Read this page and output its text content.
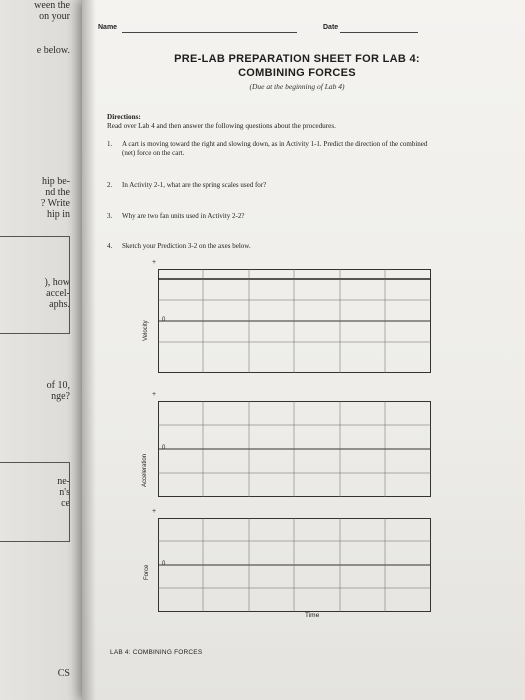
ween the
on your
e below.
hip be-
nd the
? Write
hip in
), how
accel-
aphs.
of 10,
nge?
ne-
n's
ce
CS
Name	Date
PRE-LAB PREPARATION SHEET FOR LAB 4:
COMBINING FORCES
(Due at the beginning of Lab 4)
Directions:
Read over Lab 4 and then answer the following questions about the procedures.
1. A cart is moving toward the right and slowing down, as in Activity 1-1. Predict the direction of the combined (net) force on the cart.
2. In Activity 2-1, what are the spring scales used for?
3. Why are two fan units used in Activity 2-2?
4. Sketch your Prediction 3-2 on the axes below.
+
0
Velocity
+
0
Acceleration
+
0
Force
Time
LAB 4: COMBINING FORCES
